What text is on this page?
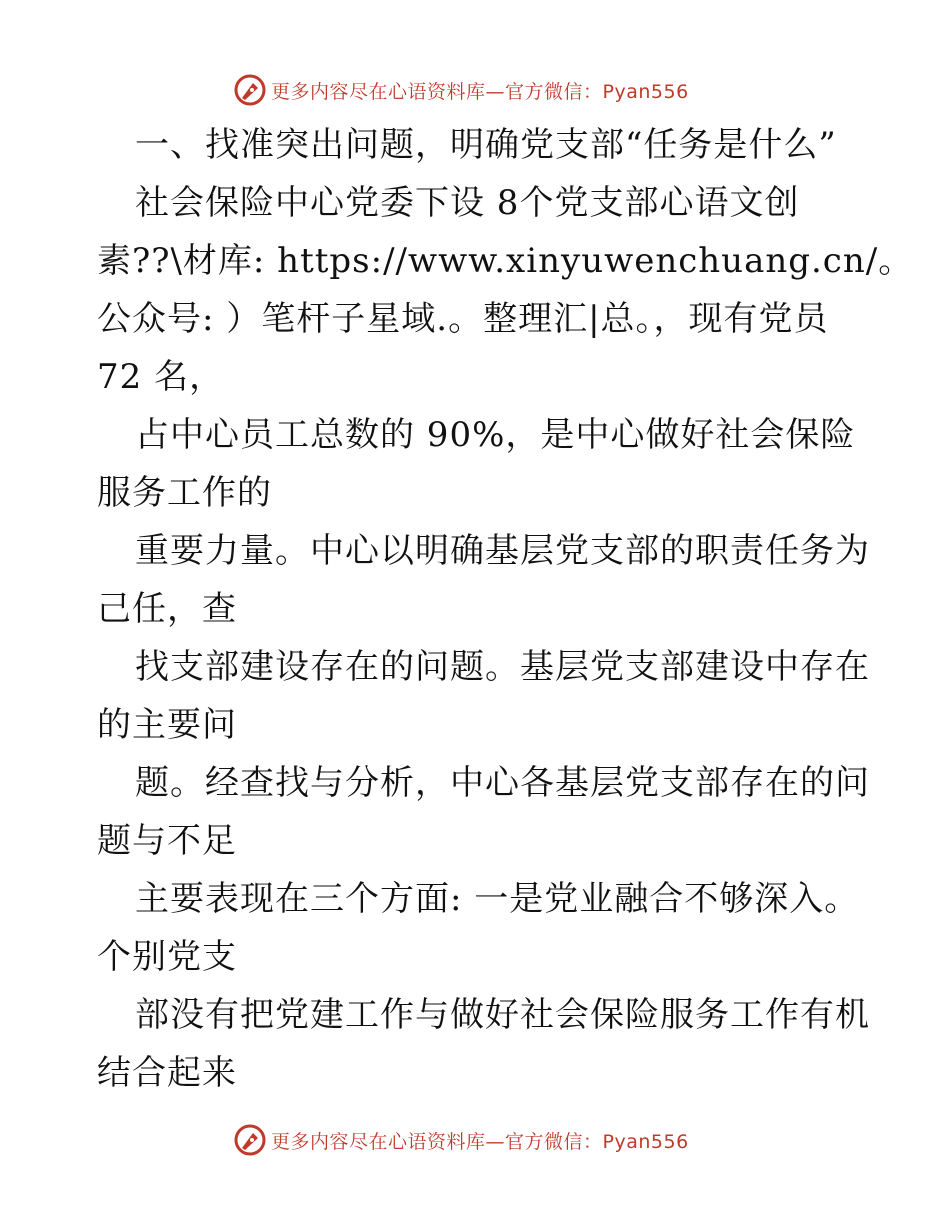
更多内容尽在心语资料库—官方微信：Pyan556
一、找准突出问题，明确党支部“任务是什么”
社会保险中心党委下设 8个党支部心语文创
素??\材库: https://www.xinyuwenchuang.cn/。
公众号: ）笔杆子星域.。整理汇|总。，现有党员
72 名，
占中心员工总数的 90%，是中心做好社会保险
服务工作的
重要力量。中心以明确基层党支部的职责任务为
己任，查
找支部建设存在的问题。基层党支部建设中存在
的主要问
题。经查找与分析，中心各基层党支部存在的问
题与不足
主要表现在三个方面: 一是党业融合不够深入。
个别党支
部没有把党建工作与做好社会保险服务工作有机
结合起来
更多内容尽在心语资料库—官方微信：Pyan556
